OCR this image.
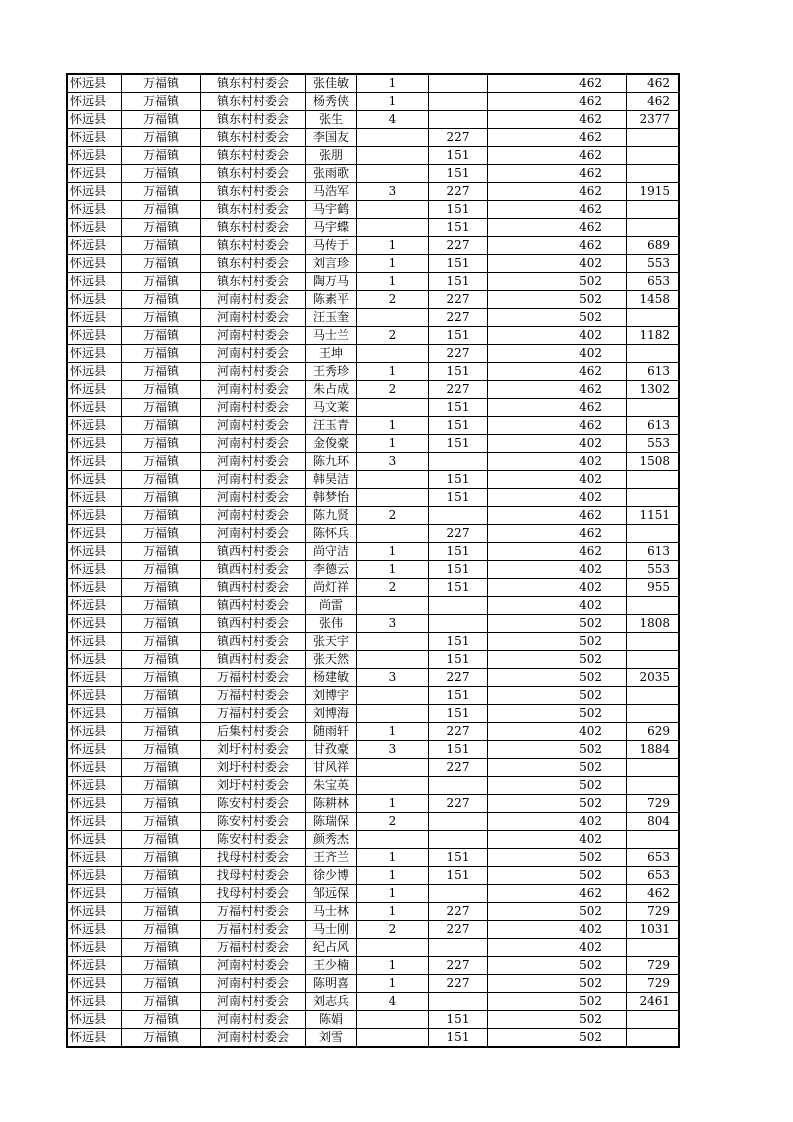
怀远县	万福镇	镇东村村委会	张佳敏	1		462	462
怀远县	万福镇	镇东村村委会	杨秀侠	1		462	462
怀远县	万福镇	镇东村村委会	张生	4		462	2377
怀远县	万福镇	镇东村村委会	李国友		227	462	
怀远县	万福镇	镇东村村委会	张朋		151	462	
怀远县	万福镇	镇东村村委会	张雨歌		151	462	
怀远县	万福镇	镇东村村委会	马浩军	3	227	462	1915
怀远县	万福镇	镇东村村委会	马宇鹤		151	462	
怀远县	万福镇	镇东村村委会	马宇蝶		151	462	
怀远县	万福镇	镇东村村委会	马传于	1	227	462	689
怀远县	万福镇	镇东村村委会	刘言珍	1	151	402	553
怀远县	万福镇	镇东村村委会	陶万马	1	151	502	653
怀远县	万福镇	河南村村委会	陈素平	2	227	502	1458
怀远县	万福镇	河南村村委会	汪玉奎		227	502	
怀远县	万福镇	河南村村委会	马士兰	2	151	402	1182
怀远县	万福镇	河南村村委会	王坤		227	402	
怀远县	万福镇	河南村村委会	王秀珍	1	151	462	613
怀远县	万福镇	河南村村委会	朱占成	2	227	462	1302
怀远县	万福镇	河南村村委会	马文莱		151	462	
怀远县	万福镇	河南村村委会	汪玉青	1	151	462	613
怀远县	万福镇	河南村村委会	金俊豪	1	151	402	553
怀远县	万福镇	河南村村委会	陈九环	3		402	1508
怀远县	万福镇	河南村村委会	韩昊洁		151	402	
怀远县	万福镇	河南村村委会	韩梦怡		151	402	
怀远县	万福镇	河南村村委会	陈九贤	2		462	1151
怀远县	万福镇	河南村村委会	陈怀兵		227	462	
怀远县	万福镇	镇西村村委会	尚守洁	1	151	462	613
怀远县	万福镇	镇西村村委会	李德云	1	151	402	553
怀远县	万福镇	镇西村村委会	尚灯祥	2	151	402	955
怀远县	万福镇	镇西村村委会	尚雷			402	
怀远县	万福镇	镇西村村委会	张伟	3		502	1808
怀远县	万福镇	镇西村村委会	张天宇		151	502	
怀远县	万福镇	镇西村村委会	张天然		151	502	
怀远县	万福镇	万福村村委会	杨建敏	3	227	502	2035
怀远县	万福镇	万福村村委会	刘博宇		151	502	
怀远县	万福镇	万福村村委会	刘博海		151	502	
怀远县	万福镇	后集村村委会	随雨轩	1	227	402	629
怀远县	万福镇	刘圩村村委会	甘孜豪	3	151	502	1884
怀远县	万福镇	刘圩村村委会	甘风祥		227	502	
怀远县	万福镇	刘圩村村委会	朱宝英			502	
怀远县	万福镇	陈安村村委会	陈耕林	1	227	502	729
怀远县	万福镇	陈安村村委会	陈瑞保	2		402	804
怀远县	万福镇	陈安村村委会	颜秀杰			402	
怀远县	万福镇	找母村村委会	王齐兰	1	151	502	653
怀远县	万福镇	找母村村委会	徐少博	1	151	502	653
怀远县	万福镇	找母村村委会	邹远保	1		462	462
怀远县	万福镇	万福村村委会	马士林	1	227	502	729
怀远县	万福镇	万福村村委会	马士刚	2	227	402	1031
怀远县	万福镇	万福村村委会	纪占风			402	
怀远县	万福镇	河南村村委会	王少楠	1	227	502	729
怀远县	万福镇	河南村村委会	陈明喜	1	227	502	729
怀远县	万福镇	河南村村委会	刘志兵	4		502	2461
怀远县	万福镇	河南村村委会	陈娟		151	502	
怀远县	万福镇	河南村村委会	刘雪		151	502	
